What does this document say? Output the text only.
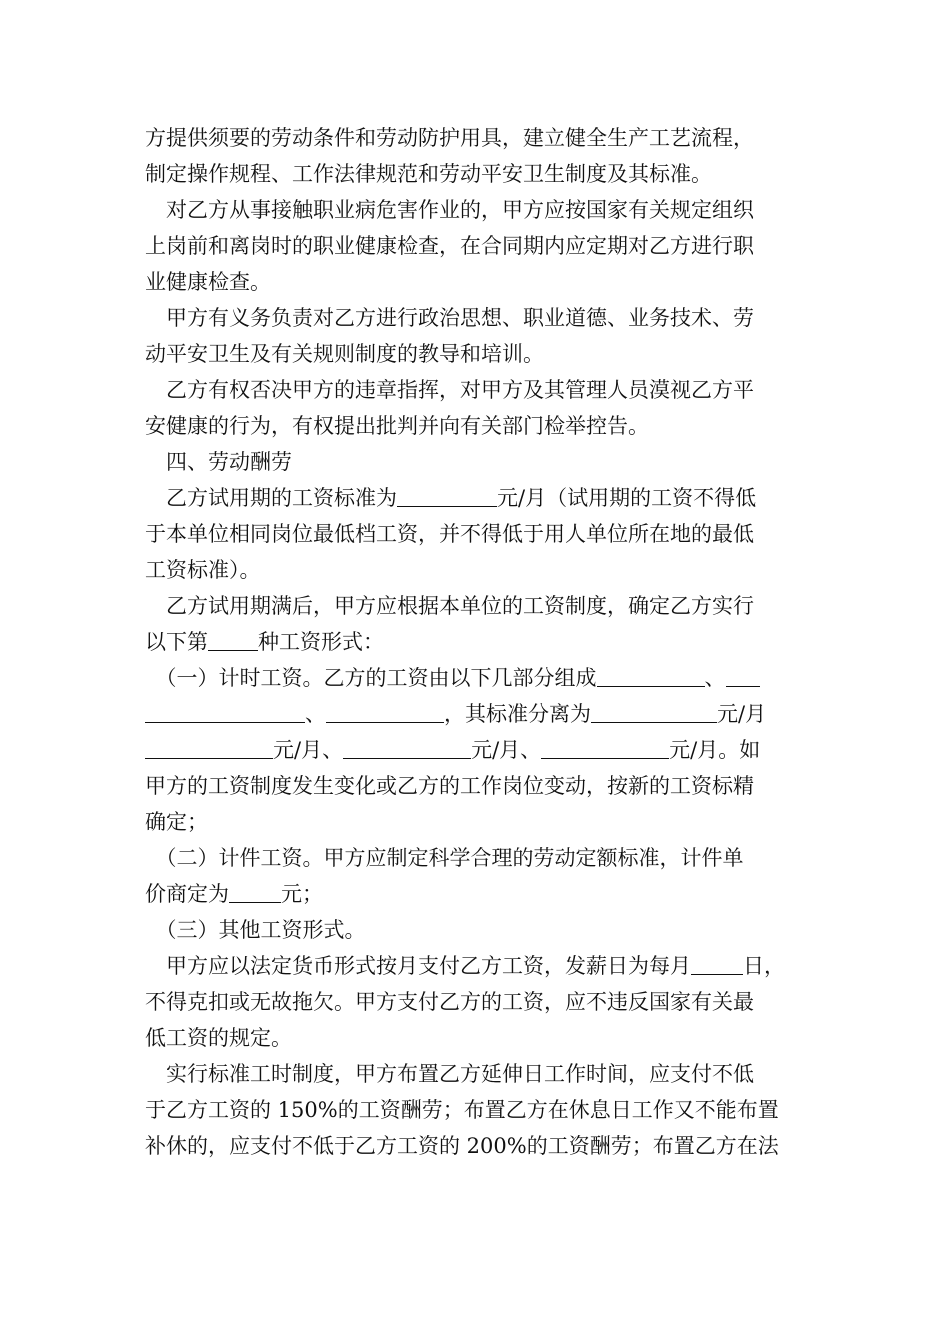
方提供须要的劳动条件和劳动防护用具，建立健全生产工艺流程，
制定操作规程、工作法律规范和劳动平安卫生制度及其标准。
　对乙方从事接触职业病危害作业的，甲方应按国家有关规定组织
上岗前和离岗时的职业健康检查，在合同期内应定期对乙方进行职
业健康检查。
　甲方有义务负责对乙方进行政治思想、职业道德、业务技术、劳
动平安卫生及有关规则制度的教导和培训。
　乙方有权否决甲方的违章指挥，对甲方及其管理人员漠视乙方平
安健康的行为，有权提出批判并向有关部门检举控告。
　四、劳动酬劳
　乙方试用期的工资标准为	元/月（试用期的工资不得低
于本单位相同岗位最低档工资，并不得低于用人单位所在地的最低
工资标准）。
　乙方试用期满后，甲方应根据本单位的工资制度，确定乙方实行
以下第 种工资形式：
　（一）计时工资。乙方的工资由以下几部分组成	、
、	，其标准分离为	元/月
元/月、	元/月、	元/月。如
甲方的工资制度发生变化或乙方的工作岗位变动，按新的工资标精
确定；
　（二）计件工资。甲方应制定科学合理的劳动定额标准，计件单
价商定为 元；
　（三）其他工资形式。
　甲方应以法定货币形式按月支付乙方工资，发薪日为每月 日，
不得克扣或无故拖欠。甲方支付乙方的工资，应不违反国家有关最
低工资的规定。
　实行标准工时制度，甲方布置乙方延伸日工作时间，应支付不低
于乙方工资的 150%的工资酬劳；布置乙方在休息日工作又不能布置
补休的，应支付不低于乙方工资的 200%的工资酬劳；布置乙方在法
